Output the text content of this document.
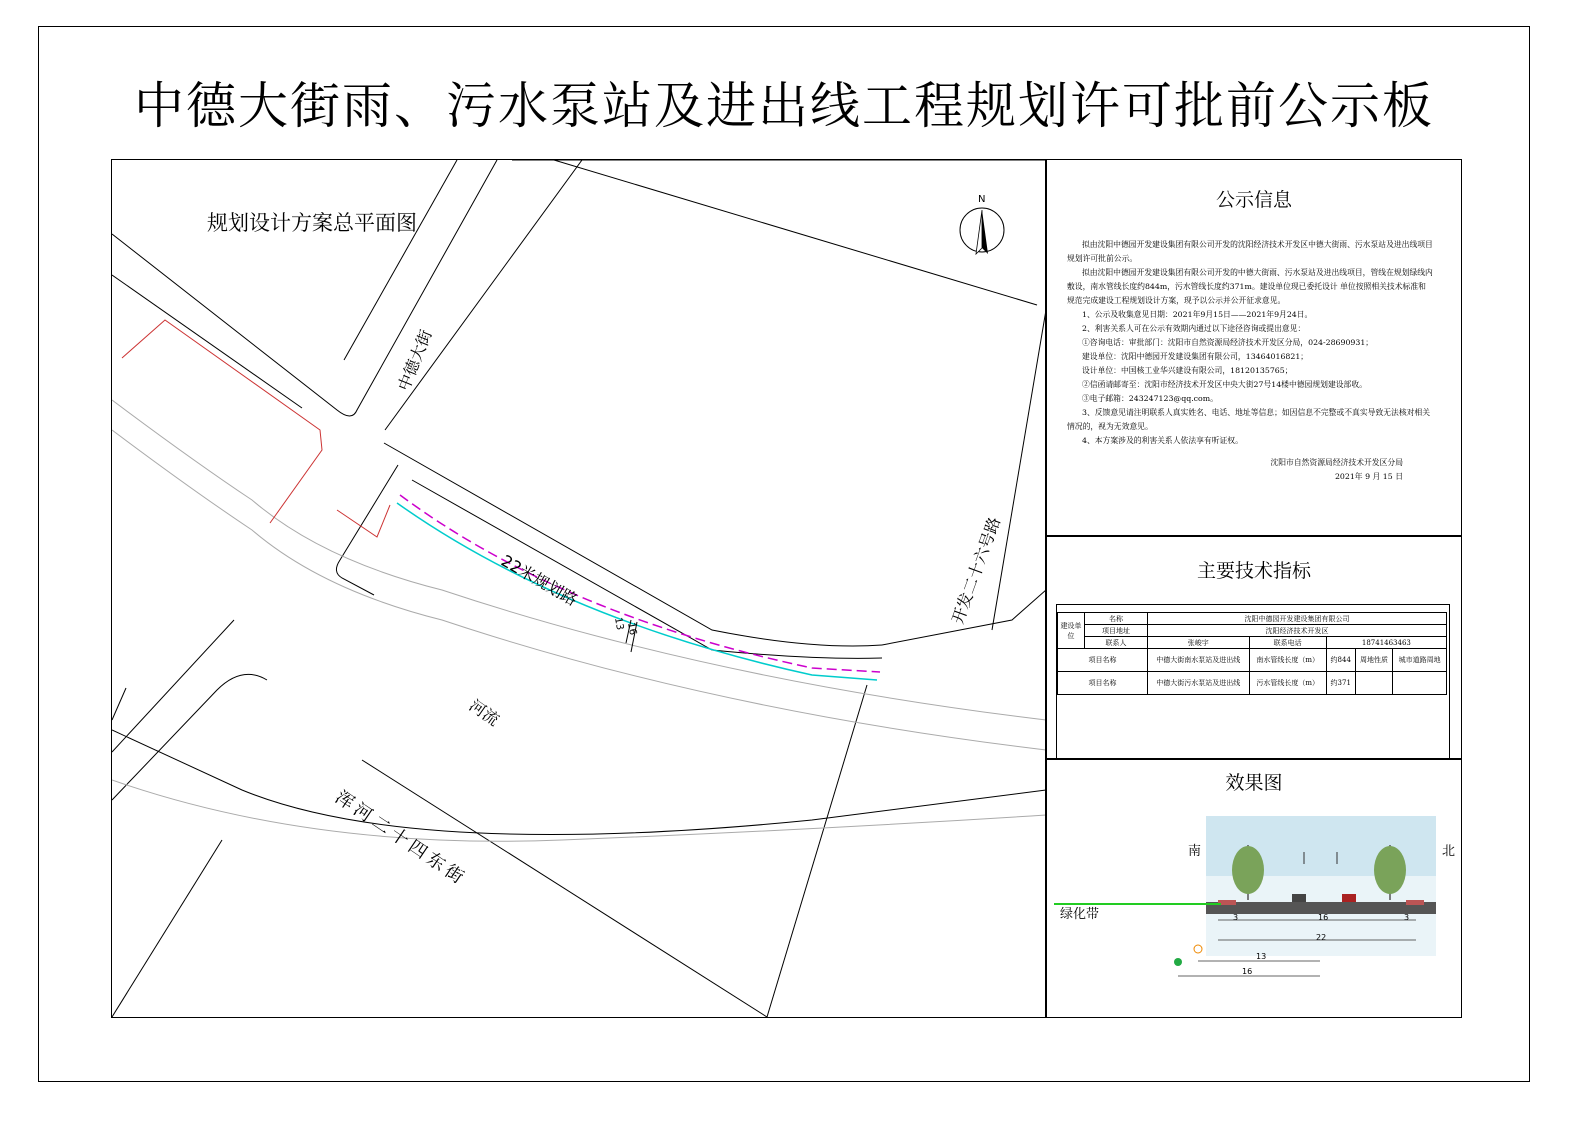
中德大街雨、污水泵站及进出线工程规划许可批前公示板
N
规划设计方案总平面图
中德大街
22米规划路	开发二十六号路
河流
浑河二十四东街
13 16
公示信息

拟由沈阳中德园开发建设集团有限公司开发的沈阳经济技术开发区中德大街雨、污水泵站及进出线项目规划许可批前公示。

拟由沈阳中德园开发建设集团有限公司开发的中德大街雨、污水泵站及进出线项目，管线在规划绿线内敷设，南水管线长度约844m，污水管线长度约371m。建设单位现已委托设计 单位按照相关技术标准和规范完成建设工程规划设计方案，现予以公示并公开征求意见。

1、公示及收集意见日期：2021年9月15日——2021年9月24日。

2、利害关系人可在公示有效期内通过以下途径咨询或提出意见：

①咨询电话：审批部门：沈阳市自然资源局经济技术开发区分局，024-28690931；

建设单位：沈阳中德园开发建设集团有限公司，13464016821；

设计单位：中国核工业华兴建设有限公司，18120135765；

②信函请邮寄至：沈阳市经济技术开发区中央大街27号14楼中德园规划建设部收。

③电子邮箱：243247123@qq.com。

3、反馈意见请注明联系人真实姓名、电话、地址等信息；如因信息不完整或不真实导致无法核对相关情况的，视为无效意见。

4、本方案涉及的利害关系人依法享有听证权。

沈阳市自然资源局经济技术开发区分局

2021年 9 月 15 日

主要技术指标
建设单位	名称	沈阳中德园开发建设集团有限公司				
	项目地址	沈阳经济技术开发区				
	联系人	张峻宇	联系电话	18741463463		
项目名称		中德大街南水泵站及进出线	南水管线长度（m）	约844	周地性质	城市道路周地
项目名称		中德大街污水泵站及进出线	污水管线长度（m）	约371		
效果图
南	北
绿化带	3	16	3
22
13
16
